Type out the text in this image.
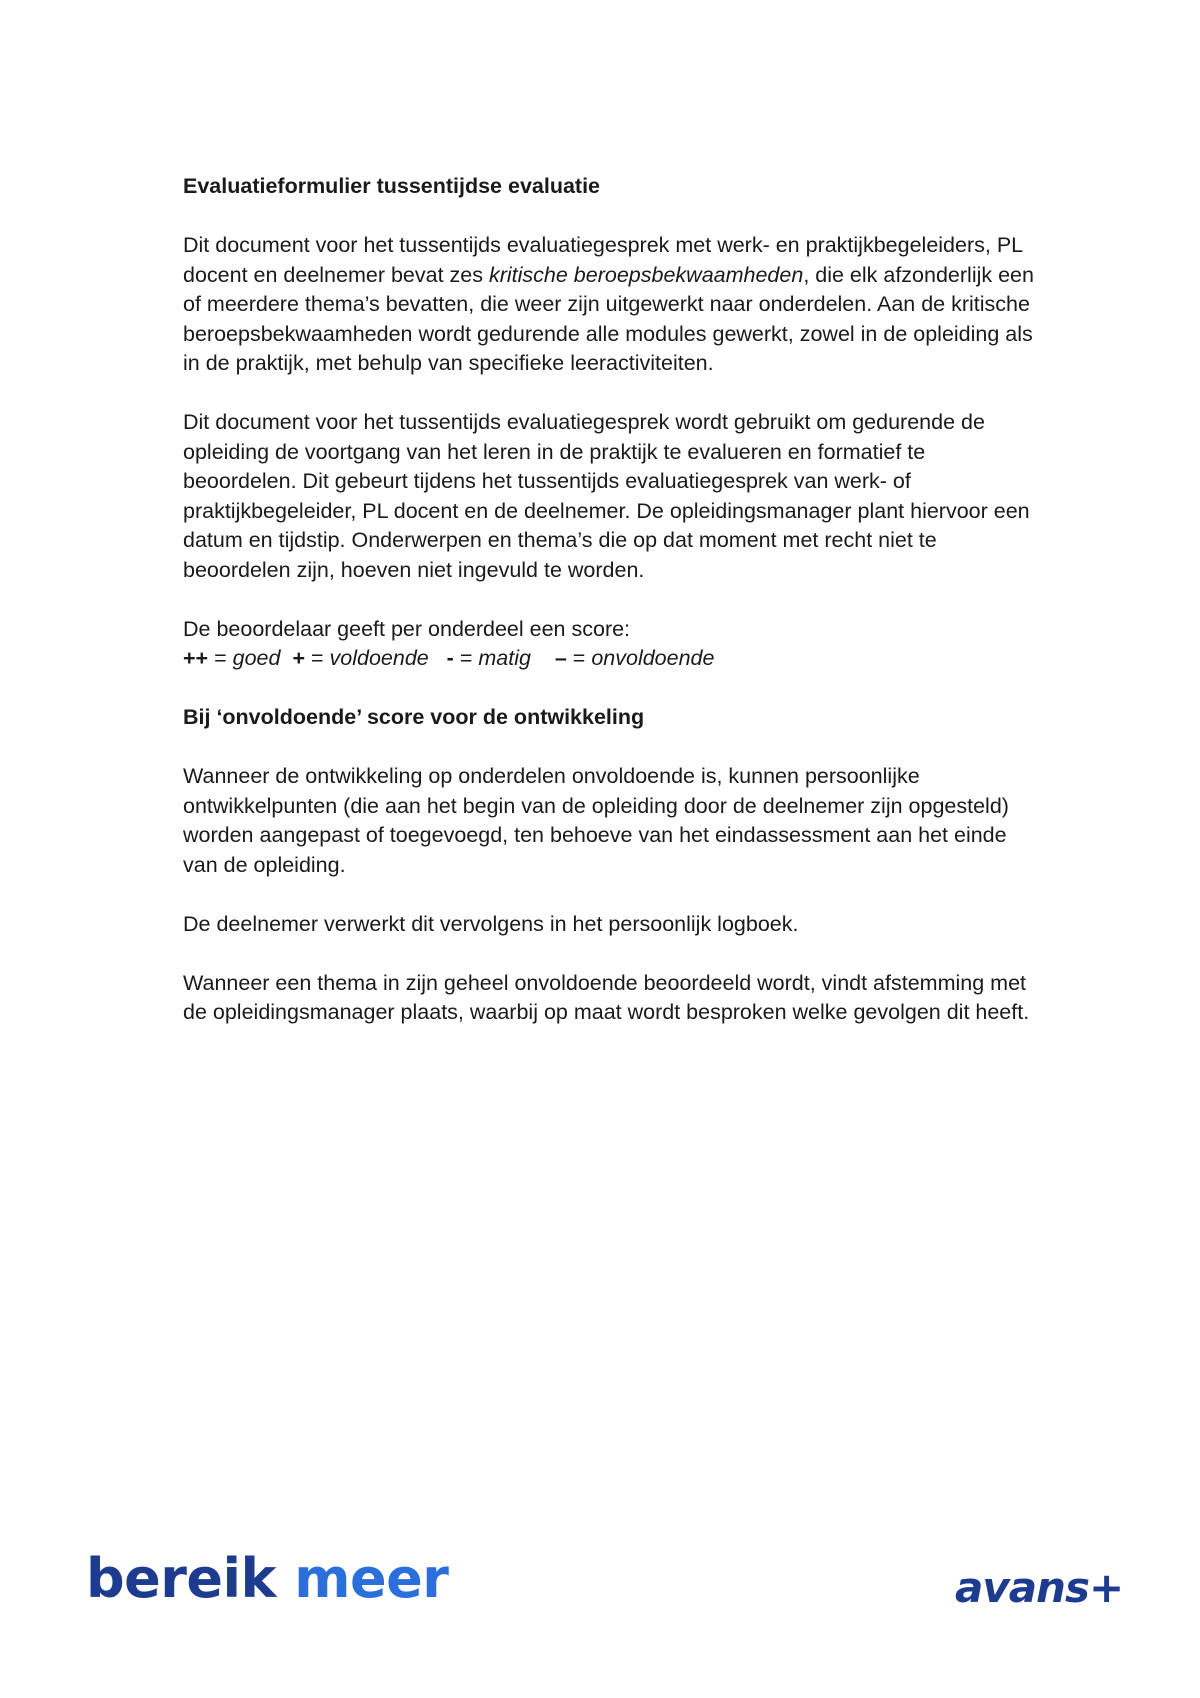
Evaluatieformulier tussentijdse evaluatie

Dit document voor het tussentijds evaluatiegesprek met werk- en praktijkbegeleiders, PL docent en deelnemer bevat zes kritische beroepsbekwaamheden, die elk afzonderlijk een of meerdere thema’s bevatten, die weer zijn uitgewerkt naar onderdelen. Aan de kritische beroepsbekwaamheden wordt gedurende alle modules gewerkt, zowel in de opleiding als in de praktijk, met behulp van specifieke leeractiviteiten.

Dit document voor het tussentijds evaluatiegesprek wordt gebruikt om gedurende de opleiding de voortgang van het leren in de praktijk te evalueren en formatief te beoordelen. Dit gebeurt tijdens het tussentijds evaluatiegesprek van werk- of praktijkbegeleider, PL docent en de deelnemer. De opleidingsmanager plant hiervoor een datum en tijdstip. Onderwerpen en thema’s die op dat moment met recht niet te beoordelen zijn, hoeven niet ingevuld te worden.

De beoordelaar geeft per onderdeel een score:

++ = goed + = voldoende - = matig – = onvoldoende

Bij ‘onvoldoende’ score voor de ontwikkeling

Wanneer de ontwikkeling op onderdelen onvoldoende is, kunnen persoonlijke ontwikkelpunten (die aan het begin van de opleiding door de deelnemer zijn opgesteld) worden aangepast of toegevoegd, ten behoeve van het eindassessment aan het einde van de opleiding.

De deelnemer verwerkt dit vervolgens in het persoonlijk logboek.

Wanneer een thema in zijn geheel onvoldoende beoordeeld wordt, vindt afstemming met de opleidingsmanager plaats, waarbij op maat wordt besproken welke gevolgen dit heeft.

bereik meer	avans+
